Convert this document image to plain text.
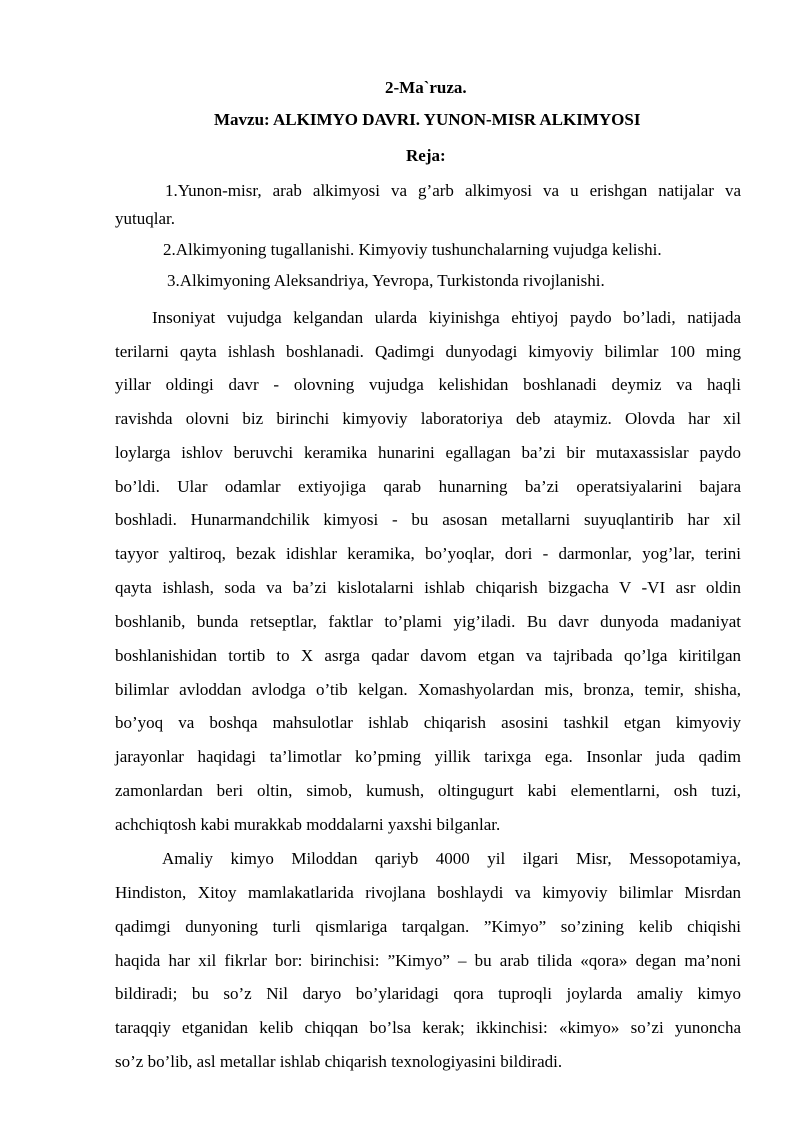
2-Ma`ruza.
Mavzu: ALKIMYO DAVRI. YUNON-MISR ALKIMYOSI
Reja:
1.Yunon-misr, arab alkimyosi va g’arb alkimyosi va u erishgan natijalar va
yutuqlar.
2.Alkimyoning tugallanishi. Kimyoviy tushunchalarning vujudga kelishi.
3.Alkimyoning Aleksandriya, Yevropa, Turkistonda rivojlanishi.
Insoniyat vujudga kelgandan ularda kiyinishga ehtiyoj paydo bo’ladi, natijada
terilarni qayta ishlash boshlanadi. Qadimgi dunyodagi kimyoviy bilimlar 100 ming
yillar oldingi davr - olovning vujudga kelishidan boshlanadi deymiz va haqli
ravishda olovni biz birinchi kimyoviy laboratoriya deb ataymiz. Olovda har xil
loylarga ishlov beruvchi keramika hunarini egallagan ba’zi bir mutaxassislar paydo
bo’ldi. Ular odamlar extiyojiga qarab hunarning ba’zi operatsiyalarini bajara
boshladi. Hunarmandchilik kimyosi - bu asosan metallarni suyuqlantirib har xil
tayyor yaltiroq, bezak idishlar keramika, bo’yoqlar, dori - darmonlar, yog’lar, terini
qayta ishlash, soda va ba’zi kislotalarni ishlab chiqarish bizgacha V -VI asr oldin
boshlanib, bunda retseptlar, faktlar to’plami yig’iladi. Bu davr dunyoda madaniyat
boshlanishidan tortib to X asrga qadar davom etgan va tajribada qo’lga kiritilgan
bilimlar avloddan avlodga o’tib kelgan. Xomashyolardan mis, bronza, temir, shisha,
bo’yoq va boshqa mahsulotlar ishlab chiqarish asosini tashkil etgan kimyoviy
jarayonlar haqidagi ta’limotlar ko’pming yillik tarixga ega. Insonlar juda qadim
zamonlardan beri oltin, simob, kumush, oltingugurt kabi elementlarni, osh tuzi,
achchiqtosh kabi murakkab moddalarni yaxshi bilganlar.
Amaliy kimyo Miloddan qariyb 4000 yil ilgari Misr, Messopotamiya,
Hindiston, Xitoy mamlakatlarida rivojlana boshlaydi va kimyoviy bilimlar Misrdan
qadimgi dunyoning turli qismlariga tarqalgan. ”Kimyo” so’zining kelib chiqishi
haqida har xil fikrlar bor: birinchisi: ”Kimyo” – bu arab tilida «qora» degan ma’noni
bildiradi; bu so’z Nil daryo bo’ylaridagi qora tuproqli joylarda amaliy kimyo
taraqqiy etganidan kelib chiqqan bo’lsa kerak; ikkinchisi: «kimyo» so’zi yunoncha
so’z bo’lib, asl metallar ishlab chiqarish texnologiyasini bildiradi.
